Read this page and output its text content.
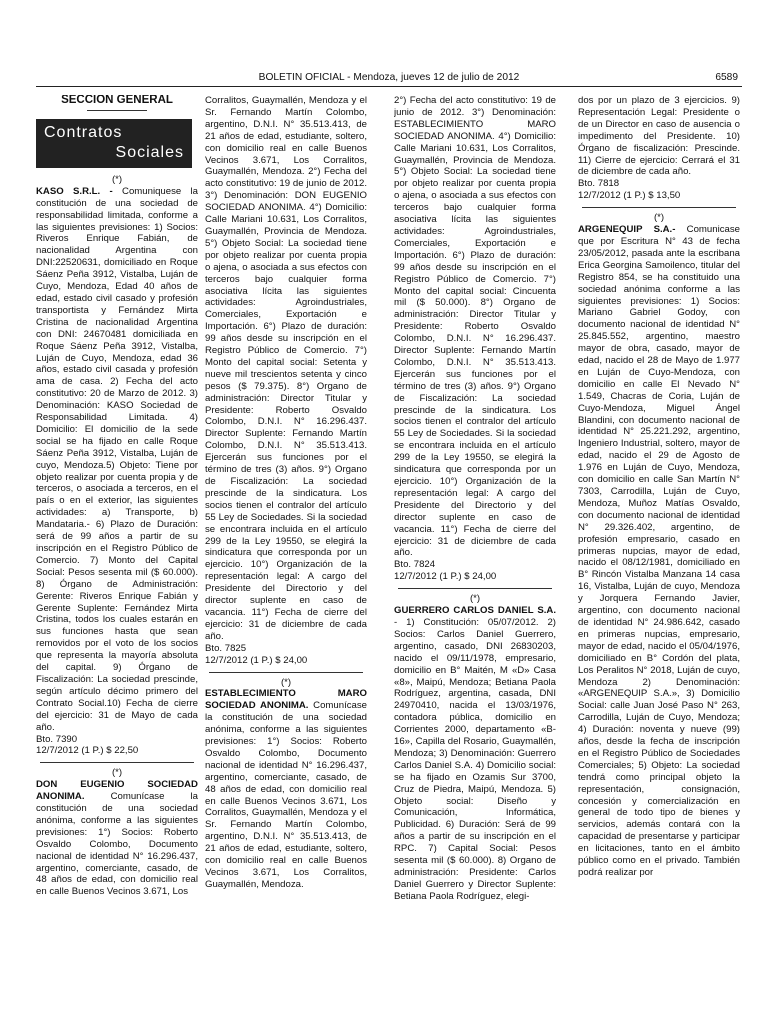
BOLETIN OFICIAL - Mendoza, jueves 12 de julio de 2012	6589
SECCION GENERAL
Contratos
Sociales

(*)

KASO S.R.L. - Comuniquese la constitución de una sociedad de responsabilidad limitada, conforme a las siguientes previsiones: 1) Socios: Riveros Enrique Fabián, de nacionalidad Argentina con DNI:22520631, domiciliado en Roque Sáenz Peña 3912, Vistalba, Luján de Cuyo, Mendoza, Edad 40 años de edad, estado civil casado y profesión transportista y Fernández Mirta Cristina de nacionalidad Argentina con DNI: 24670481 domiciliada en Roque Sáenz Peña 3912, Vistalba, Luján de Cuyo, Mendoza, edad 36 años, estado civil casada y profesión ama de casa. 2) Fecha del acto constitutivo: 20 de Marzo de 2012. 3) Denominación: KASO Sociedad de Responsabilidad Limitada. 4) Domicilio: El domicilio de la sede social se ha fijado en calle Roque Sáenz Peña 3912, Vistalba, Luján de cuyo, Mendoza.5) Objeto: Tiene por objeto realizar por cuenta propia y de terceros, o asociada a terceros, en el país o en el exterior, las siguientes actividades: a) Transporte, b) Mandataria.- 6) Plazo de Duración: será de 99 años a partir de su inscripción en el Registro Público de Comercio. 7) Monto del Capital Social: Pesos sesenta mil ($ 60.000). 8) Órgano de Administración: Gerente: Riveros Enrique Fabián y Gerente Suplente: Fernández Mirta Cristina, todos los cuales estarán en sus funciones hasta que sean removidos por el voto de los socios que representa la mayoría absoluta del capital. 9) Órgano de Fiscalización: La sociedad prescinde, según artículo décimo primero del Contrato Social.10) Fecha de cierre del ejercicio: 31 de Mayo de cada año.

Bto. 7390

12/7/2012 (1 P.) $ 22,50

(*)

DON EUGENIO SOCIEDAD ANONIMA. Comunícase la constitución de una sociedad anónima, conforme a las siguientes previsiones: 1°) Socios: Roberto Osvaldo Colombo, Documento nacional de identidad N° 16.296.437, argentino, comerciante, casado, de 48 años de edad, con domicilio real en calle Buenos Vecinos 3.671, Los

Corralitos, Guaymallén, Mendoza y el Sr. Fernando Martín Colombo, argentino, D.N.I. N° 35.513.413, de 21 años de edad, estudiante, soltero, con domicilio real en calle Buenos Vecinos 3.671, Los Corralitos, Guaymallén, Mendoza. 2°) Fecha del acto constitutivo: 19 de junio de 2012. 3°) Denominación: DON EUGENIO SOCIEDAD ANONIMA. 4°) Domicilio: Calle Mariani 10.631, Los Corralitos, Guaymallén, Provincia de Mendoza. 5°) Objeto Social: La sociedad tiene por objeto realizar por cuenta propia o ajena, o asociada a sus efectos con terceros bajo cualquier forma asociativa lícita las siguientes actividades: Agroindustriales, Comerciales, Exportación e Importación. 6°) Plazo de duración: 99 años desde su inscripción en el Registro Público de Comercio. 7°) Monto del capital social: Setenta y nueve mil trescientos setenta y cinco pesos ($ 79.375). 8°) Organo de administración: Director Titular y Presidente: Roberto Osvaldo Colombo, D.N.I. N° 16.296.437. Director Suplente: Fernando Martín Colombo, D.N.I. N° 35.513.413. Ejercerán sus funciones por el término de tres (3) años. 9°) Organo de Fiscalización: La sociedad prescinde de la sindicatura. Los socios tienen el contralor del artículo 55 Ley de Sociedades. Si la sociedad se encontrara incluida en el artículo 299 de la Ley 19550, se elegirá la sindicatura que corresponda por un ejercicio. 10°) Organización de la representación legal: A cargo del Presidente del Directorio y del director suplente en caso de vacancia. 11°) Fecha de cierre del ejercicio: 31 de diciembre de cada año.

Bto. 7825

12/7/2012 (1 P.) $ 24,00

(*)

ESTABLECIMIENTO MARO SOCIEDAD ANONIMA. Comunícase la constitución de una sociedad anónima, conforme a las siguientes previsiones: 1°) Socios: Roberto Osvaldo Colombo, Documento nacional de identidad N° 16.296.437, argentino, comerciante, casado, de 48 años de edad, con domicilio real en calle Buenos Vecinos 3.671, Los Corralitos, Guaymallén, Mendoza y el Sr. Fernando Martín Colombo, argentino, D.N.I. N° 35.513.413, de 21 años de edad, estudiante, soltero, con domicilio real en calle Buenos Vecinos 3.671, Los Corralitos, Guaymallén, Mendoza.

2°) Fecha del acto constitutivo: 19 de junio de 2012. 3°) Denominación: ESTABLECIMIENTO MARO SOCIEDAD ANONIMA. 4°) Domicilio: Calle Mariani 10.631, Los Corralitos, Guaymallén, Provincia de Mendoza. 5°) Objeto Social: La sociedad tiene por objeto realizar por cuenta propia o ajena, o asociada a sus efectos con terceros bajo cualquier forma asociativa lícita las siguientes actividades: Agroindustriales, Comerciales, Exportación e Importación. 6°) Plazo de duración: 99 años desde su inscripción en el Registro Público de Comercio. 7°) Monto del capital social: Cincuenta mil ($ 50.000). 8°) Organo de administración: Director Titular y Presidente: Roberto Osvaldo Colombo, D.N.I. N° 16.296.437. Director Suplente: Fernando Martín Colombo, D.N.I. N° 35.513.413. Ejercerán sus funciones por el término de tres (3) años. 9°) Organo de Fiscalización: La sociedad prescinde de la sindicatura. Los socios tienen el contralor del artículo 55 Ley de Sociedades. Si la sociedad se encontrara incluida en el artículo 299 de la Ley 19550, se elegirá la sindicatura que corresponda por un ejercicio. 10°) Organización de la representación legal: A cargo del Presidente del Directorio y del director suplente en caso de vacancia. 11°) Fecha de cierre del ejercicio: 31 de diciembre de cada año.

Bto. 7824

12/7/2012 (1 P.) $ 24,00

(*)

GUERRERO CARLOS DANIEL S.A. - 1) Constitución: 05/07/2012. 2) Socios: Carlos Daniel Guerrero, argentino, casado, DNI 26830203, nacido el 09/11/1978, empresario, domicilio en B° Maitén, M «D» Casa «8», Maipú, Mendoza; Betiana Paola Rodríguez, argentina, casada, DNI 24970410, nacida el 13/03/1976, contadora pública, domicilio en Corrientes 2000, departamento «B-16», Capilla del Rosario, Guaymallén, Mendoza; 3) Denominación: Guerrero Carlos Daniel S.A. 4) Domicilio social: se ha fijado en Ozamis Sur 3700, Cruz de Piedra, Maipú, Mendoza. 5) Objeto social: Diseño y Comunicación, Informática, Publicidad. 6) Duración: Será de 99 años a partir de su inscripción en el RPC. 7) Capital Social: Pesos sesenta mil ($ 60.000). 8) Organo de administración: Presidente: Carlos Daniel Guerrero y Director Suplente: Betiana Paola Rodríguez, elegi-

dos por un plazo de 3 ejercicios. 9) Representación Legal: Presidente o de un Director en caso de ausencia o impedimento del Presidente. 10) Órgano de fiscalización: Prescinde. 11) Cierre de ejercicio: Cerrará el 31 de diciembre de cada año.

Bto. 7818

12/7/2012 (1 P.) $ 13,50

(*)

ARGENEQUIP S.A.- Comunicase que por Escritura N° 43 de fecha 23/05/2012, pasada ante la escribana Erica Georgina Samoilenco, titular del Registro 854, se ha constituido una sociedad anónima conforme a las siguientes previsiones: 1) Socios: Mariano Gabriel Godoy, con documento nacional de identidad N° 25.845.552, argentino, maestro mayor de obra, casado, mayor de edad, nacido el 28 de Mayo de 1.977 en Luján de Cuyo-Mendoza, con domicilio en calle El Nevado N° 1.549, Chacras de Coria, Luján de Cuyo-Mendoza, Miguel Ángel Blandini, con documento nacional de identidad N° 25.221.292, argentino, Ingeniero Industrial, soltero, mayor de edad, nacido el 29 de Agosto de 1.976 en Luján de Cuyo, Mendoza, con domicilio en calle San Martín N° 7303, Carrodilla, Luján de Cuyo, Mendoza, Muñoz Matías Osvaldo, con documento nacional de identidad N° 29.326.402, argentino, de profesión empresario, casado en primeras nupcias, mayor de edad, nacido el 08/12/1981, domiciliado en B° Rincón Vistalba Manzana 14 casa 16, Vistalba, Luján de cuyo, Mendoza y Jorquera Fernando Javier, argentino, con documento nacional de identidad N° 24.986.642, casado en primeras nupcias, empresario, mayor de edad, nacido el 05/04/1976, domiciliado en B° Cordón del plata, Los Peralitos N° 2018, Luján de cuyo, Mendoza 2) Denominación: «ARGENEQUIP S.A.», 3) Domicilio Social: calle Juan José Paso N° 263, Carrodilla, Luján de Cuyo, Mendoza; 4) Duración: noventa y nueve (99) años, desde la fecha de inscripción en el Registro Público de Sociedades Comerciales; 5) Objeto: La sociedad tendrá como principal objeto la representación, consignación, concesión y comercialización en general de todo tipo de bienes y servicios, además contará con la capacidad de presentarse y participar en licitaciones, tanto en el ámbito público como en el privado. También podrá realizar por
